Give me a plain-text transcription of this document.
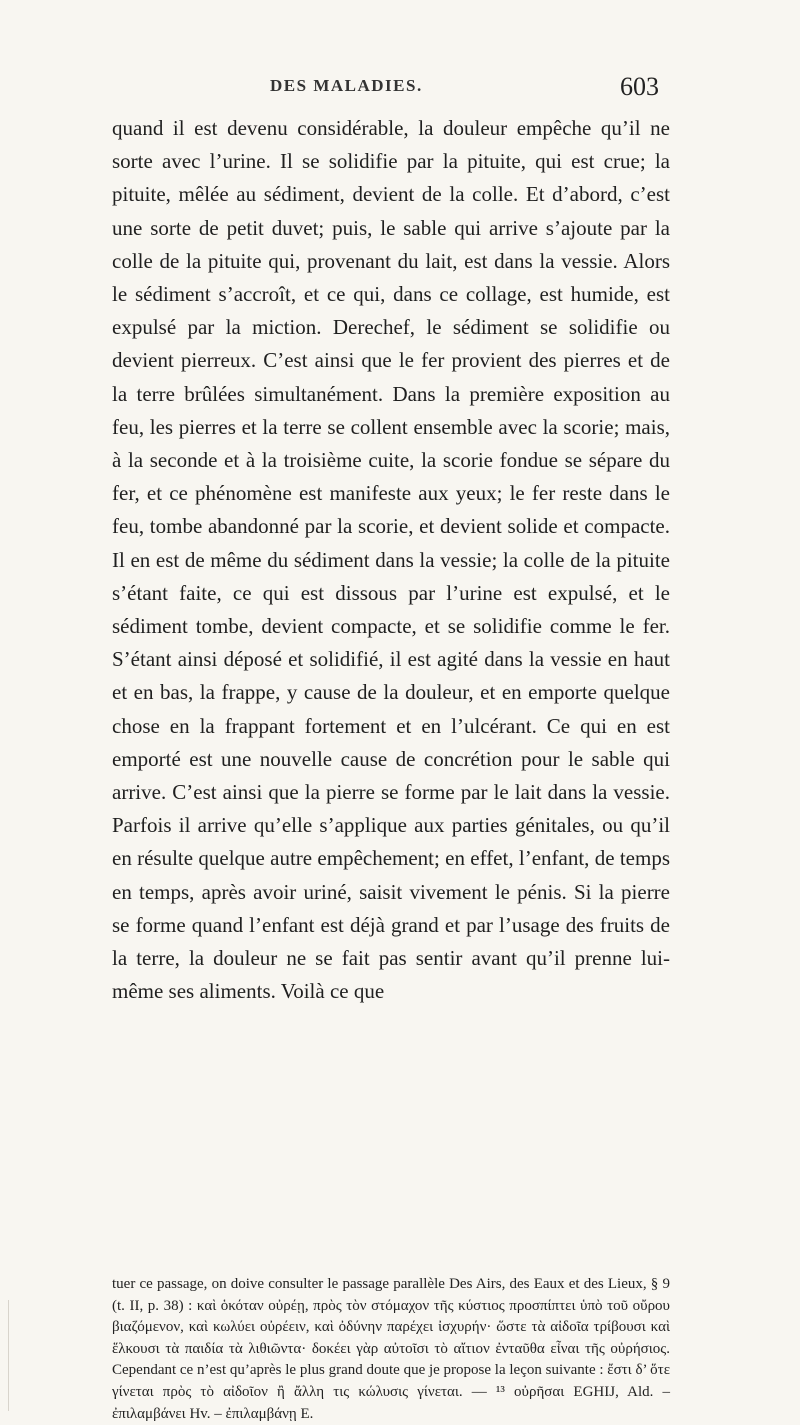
DES MALADIES.	603

quand il est devenu considérable, la douleur empêche qu’il ne sorte avec l’urine. Il se solidifie par la pituite, qui est crue; la pituite, mêlée au sédiment, devient de la colle. Et d’abord, c’est une sorte de petit duvet; puis, le sable qui arrive s’ajoute par la colle de la pituite qui, provenant du lait, est dans la vessie. Alors le sédiment s’accroît, et ce qui, dans ce collage, est humide, est expulsé par la miction. Derechef, le sédiment se solidifie ou devient pierreux. C’est ainsi que le fer provient des pierres et de la terre brûlées simultanément. Dans la première exposition au feu, les pierres et la terre se collent ensemble avec la scorie; mais, à la seconde et à la troisième cuite, la scorie fondue se sépare du fer, et ce phénomène est manifeste aux yeux; le fer reste dans le feu, tombe abandonné par la scorie, et devient solide et compacte. Il en est de même du sédiment dans la vessie; la colle de la pituite s’étant faite, ce qui est dissous par l’urine est expulsé, et le sédiment tombe, devient compacte, et se solidifie comme le fer. S’étant ainsi déposé et solidifié, il est agité dans la vessie en haut et en bas, la frappe, y cause de la douleur, et en emporte quelque chose en la frappant fortement et en l’ulcérant. Ce qui en est emporté est une nouvelle cause de concrétion pour le sable qui arrive. C’est ainsi que la pierre se forme par le lait dans la vessie. Parfois il arrive qu’elle s’applique aux parties génitales, ou qu’il en résulte quelque autre empêchement; en effet, l’enfant, de temps en temps, après avoir uriné, saisit vivement le pénis. Si la pierre se forme quand l’enfant est déjà grand et par l’usage des fruits de la terre, la douleur ne se fait pas sentir avant qu’il prenne lui-même ses aliments. Voilà ce que

tuer ce passage, on doive consulter le passage parallèle Des Airs, des Eaux et des Lieux, § 9 (t. II, p. 38) : καὶ ὁκόταν οὐρέῃ, πρὸς τὸν στόμαχον τῆς κύστιος προσπίπτει ὑπὸ τοῦ οὔρου βιαζόμενον, καὶ κωλύει οὐρέειν, καὶ ὀδύνην παρέχει ἰσχυρήν· ὥστε τὰ αἰδοῖα τρίβουσι καὶ ἕλκουσι τὰ παιδία τὰ λιθιῶντα· δοκέει γὰρ αὐτοῖσι τὸ αἴτιον ἐνταῦθα εἶναι τῆς οὐρήσιος. Cependant ce n’est qu’après le plus grand doute que je propose la leçon suivante : ἔστι δ’ ὅτε γίνεται πρὸς τὸ αἰδοῖον ἢ ἄλλη τις κώλυσις γίνεται. — ¹³ οὐρῆσαι EGHIJ, Ald. – ἐπιλαμβάνει Hv. – ἐπιλαμβάνῃ E.
